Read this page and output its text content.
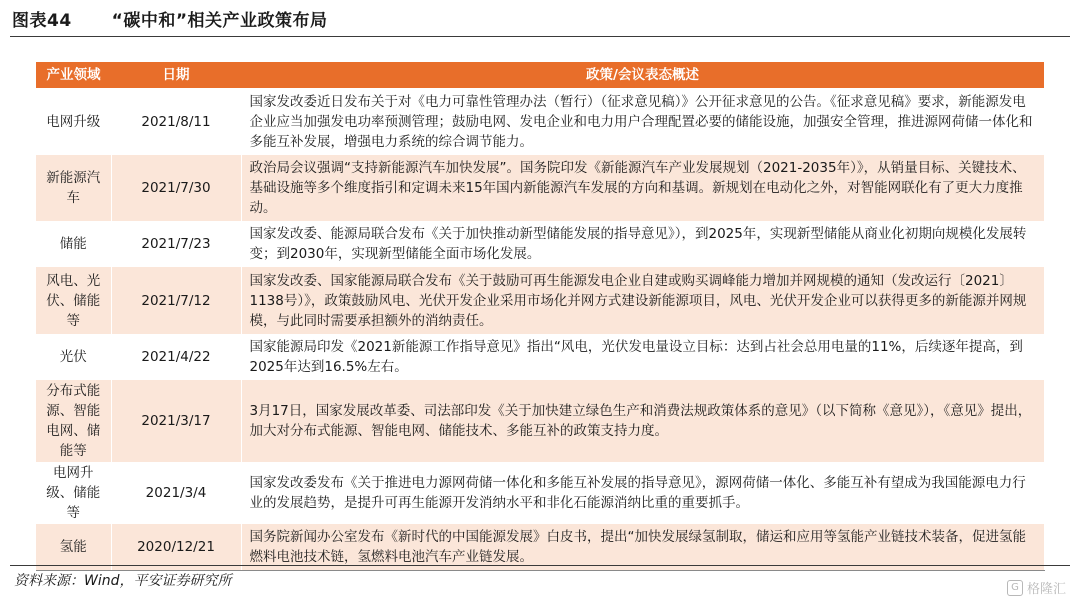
图表44 “碳中和”相关产业政策布局
产业领域	日期	政策/会议表态概述
电网升级	2021/8/11	国家发改委近日发布关于对《电力可靠性管理办法（暂行）（征求意见稿）》公开征求意见的公告。《征求意见稿》要求，新能源发电企业应当加强发电功率预测管理；鼓励电网、发电企业和电力用户合理配置必要的储能设施，加强安全管理，推进源网荷储一体化和多能互补发展，增强电力系统的综合调节能力。
新能源汽车	2021/7/30	政治局会议强调“支持新能源汽车加快发展”。国务院印发《新能源汽车产业发展规划（2021-2035年）》，从销量目标、关键技术、基础设施等多个维度指引和定调未来15年国内新能源汽车发展的方向和基调。新规划在电动化之外，对智能网联化有了更大力度推动。
储能	2021/7/23	国家发改委、能源局联合发布《关于加快推动新型储能发展的指导意见》），到2025年，实现新型储能从商业化初期向规模化发展转变；到2030年，实现新型储能全面市场化发展。
风电、光伏、储能等	2021/7/12	国家发改委、国家能源局联合发布《关于鼓励可再生能源发电企业自建或购买调峰能力增加并网规模的通知（发改运行〔2021〕1138号）》，政策鼓励风电、光伏开发企业采用市场化并网方式建设新能源项目，风电、光伏开发企业可以获得更多的新能源并网规模，与此同时需要承担额外的消纳责任。
光伏	2021/4/22	国家能源局印发《2021新能源工作指导意见》指出“风电，光伏发电量设立目标：达到占社会总用电量的11%，后续逐年提高，到2025年达到16.5%左右。
分布式能源、智能电网、储能等	2021/3/17	3月17日，国家发展改革委、司法部印发《关于加快建立绿色生产和消费法规政策体系的意见》（以下简称《意见》），《意见》提出，加大对分布式能源、智能电网、储能技术、多能互补的政策支持力度。
电网升级、储能等	2021/3/4	国家发改委发布《关于推进电力源网荷储一体化和多能互补发展的指导意见》，源网荷储一体化、多能互补有望成为我国能源电力行业的发展趋势，是提升可再生能源开发消纳水平和非化石能源消纳比重的重要抓手。
氢能	2020/12/21	国务院新闻办公室发布《新时代的中国能源发展》白皮书，提出“加快发展绿氢制取，储运和应用等氢能产业链技术装备，促进氢能燃料电池技术链，氢燃料电池汽车产业链发展。
资料来源：Wind，平安证券研究所	G 格隆汇
